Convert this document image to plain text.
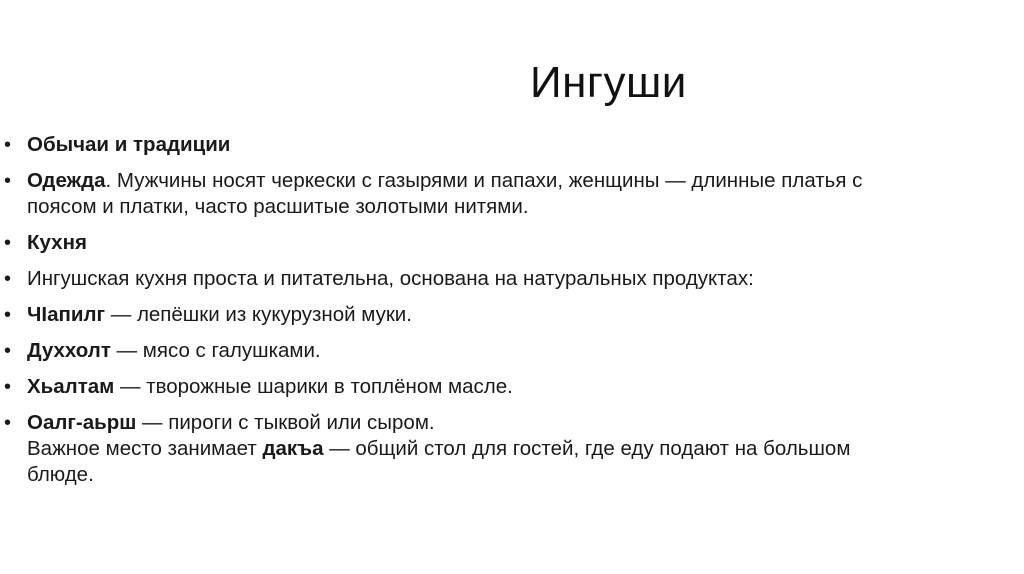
Ингуши
• Обычаи и традиции
• Одежда. Мужчины носят черкески с газырями и папахи, женщины — длинные платья с поясом и платки, часто расшитые золотыми нитями.
• Кухня
• Ингушская кухня проста и питательна, основана на натуральных продуктах:
• ЧIапилг — лепёшки из кукурузной муки.
• Духхолт — мясо с галушками.
• Хьалтам — творожные шарики в топлёном масле.
• Оалг-аьрш — пироги с тыквой или сыром.
Важное место занимает дакъа — общий стол для гостей, где еду подают на большом блюде.
